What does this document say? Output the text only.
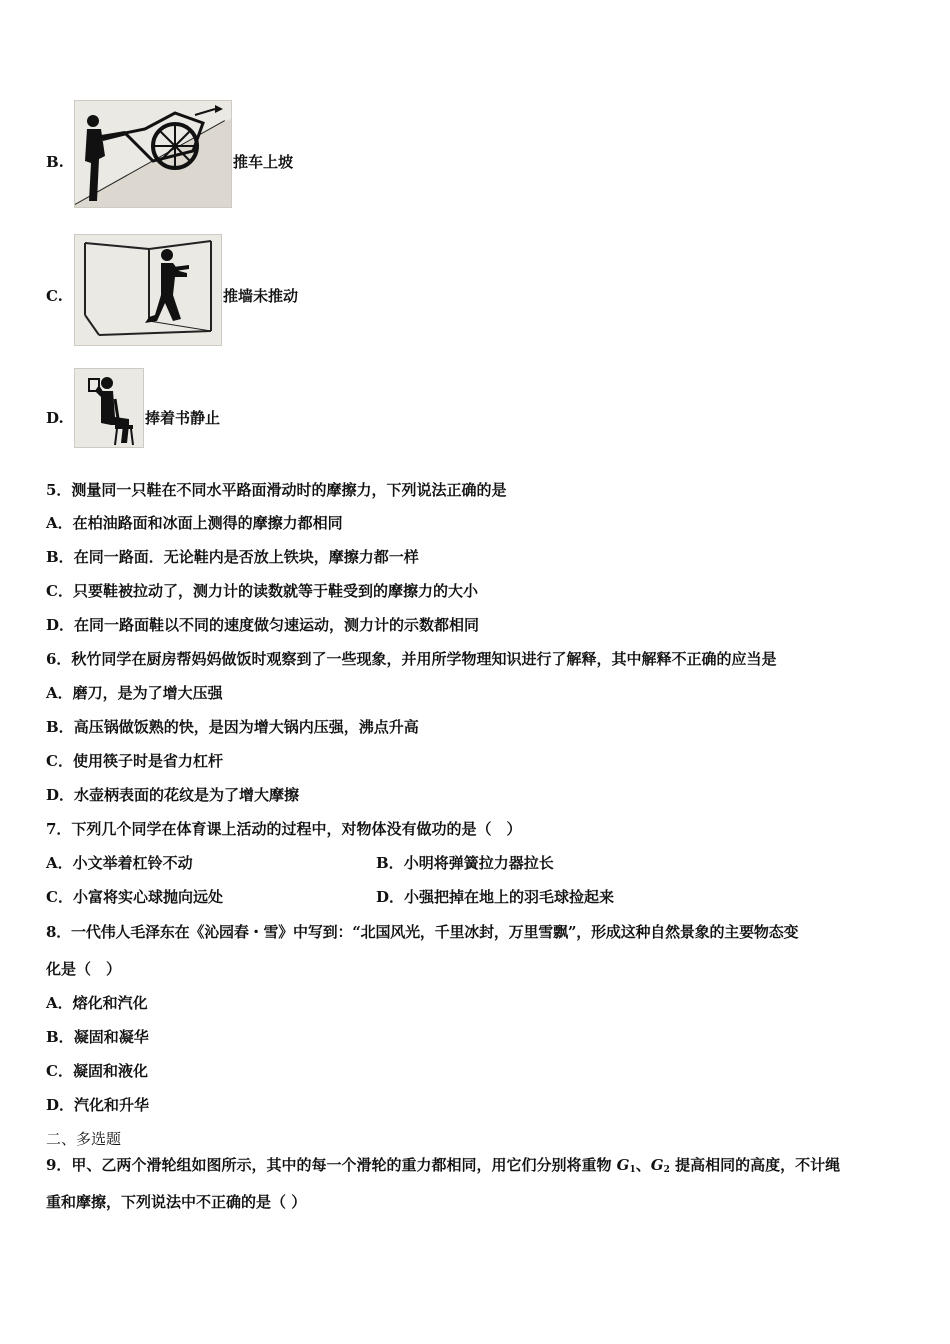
B.	推车上坡
C.	推墙未推动
D.	捧着书静止
5．测量同一只鞋在不同水平路面滑动时的摩擦力，下列说法正确的是
A．在柏油路面和冰面上测得的摩擦力都相同
B．在同一路面．无论鞋内是否放上铁块，摩擦力都一样
C．只要鞋被拉动了，测力计的读数就等于鞋受到的摩擦力的大小
D．在同一路面鞋以不同的速度做匀速运动，测力计的示数都相同
6．秋竹同学在厨房帮妈妈做饭时观察到了一些现象，并用所学物理知识进行了解释，其中解释不正确的应当是
A．磨刀，是为了增大压强
B．高压锅做饭熟的快，是因为增大锅内压强，沸点升高
C．使用筷子时是省力杠杆
D．水壶柄表面的花纹是为了增大摩擦
7．下列几个同学在体育课上活动的过程中，对物体没有做功的是（　）
A．小文举着杠铃不动	B．小明将弹簧拉力器拉长
C．小富将实心球抛向远处	D．小强把掉在地上的羽毛球捡起来
8．一代伟人毛泽东在《沁园春・雪》中写到：“北国风光，千里冰封，万里雪飘”，形成这种自然景象的主要物态变
化是（　）
A．熔化和汽化
B．凝固和凝华
C．凝固和液化
D．汽化和升华
二、多选题
9．甲、乙两个滑轮组如图所示，其中的每一个滑轮的重力都相同，用它们分别将重物 $G_1$、$G_2$ 提高相同的高度，不计绳
重和摩擦，下列说法中不正确的是（ ）
